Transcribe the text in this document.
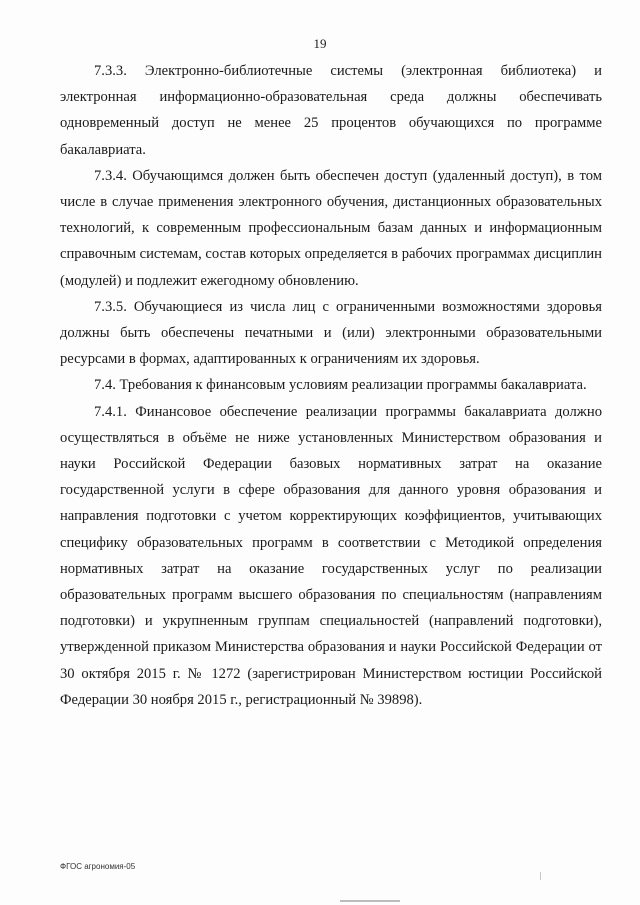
19

7.3.3. Электронно-библиотечные системы (электронная библиотека) и электронная информационно-образовательная среда должны обеспечивать одновременный доступ не менее 25 процентов обучающихся по программе бакалавриата.

7.3.4. Обучающимся должен быть обеспечен доступ (удаленный доступ), в том числе в случае применения электронного обучения, дистанционных образовательных технологий, к современным профессиональным базам данных и информационным справочным системам, состав которых определяется в рабочих программах дисциплин (модулей) и подлежит ежегодному обновлению.

7.3.5. Обучающиеся из числа лиц с ограниченными возможностями здоровья должны быть обеспечены печатными и (или) электронными образовательными ресурсами в формах, адаптированных к ограничениям их здоровья.

7.4. Требования к финансовым условиям реализации программы бакалавриата.

7.4.1. Финансовое обеспечение реализации программы бакалавриата должно осуществляться в объёме не ниже установленных Министерством образования и науки Российской Федерации базовых нормативных затрат на оказание государственной услуги в сфере образования для данного уровня образования и направления подготовки с учетом корректирующих коэффициентов, учитывающих специфику образовательных программ в соответствии с Методикой определения нормативных затрат на оказание государственных услуг по реализации образовательных программ высшего образования по специальностям (направлениям подготовки) и укрупненным группам специальностей (направлений подготовки), утвержденной приказом Министерства образования и науки Российской Федерации от 30 октября 2015 г. № 1272 (зарегистрирован Министерством юстиции Российской Федерации 30 ноября 2015 г., регистрационный № 39898).

ФГОС агрономия-05
